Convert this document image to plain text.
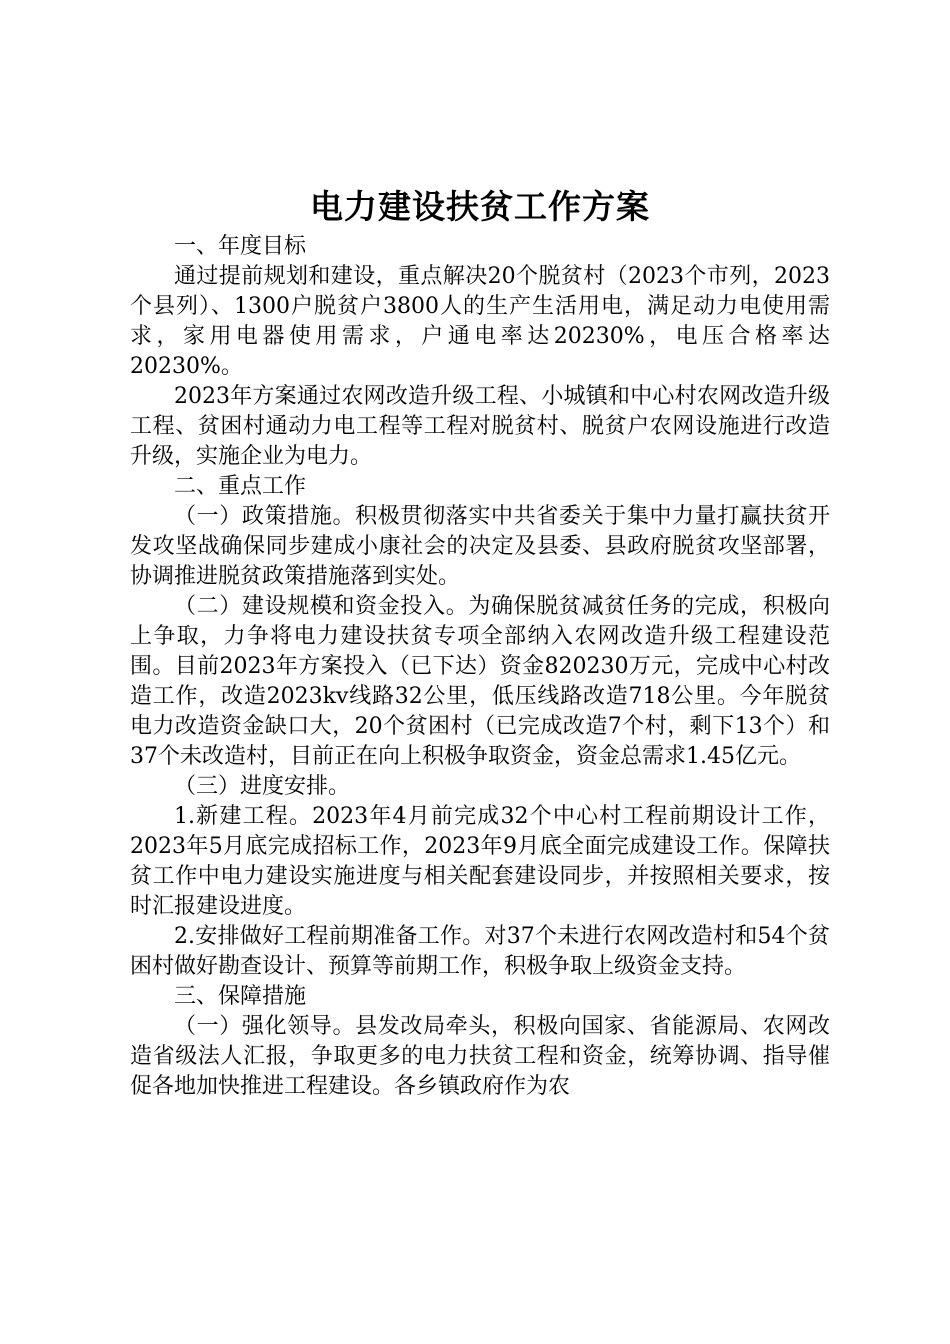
电力建设扶贫工作方案

一、年度目标

通过提前规划和建设，重点解决20个脱贫村（2023个市列，2023个县列）、1300户脱贫户3800人的生产生活用电，满足动力电使用需求，家用电器使用需求，户通电率达20230%，电压合格率达20230%。

2023年方案通过农网改造升级工程、小城镇和中心村农网改造升级工程、贫困村通动力电工程等工程对脱贫村、脱贫户农网设施进行改造升级，实施企业为电力。

二、重点工作

（一）政策措施。积极贯彻落实中共省委关于集中力量打赢扶贫开发攻坚战确保同步建成小康社会的决定及县委、县政府脱贫攻坚部署，协调推进脱贫政策措施落到实处。

（二）建设规模和资金投入。为确保脱贫减贫任务的完成，积极向上争取，力争将电力建设扶贫专项全部纳入农网改造升级工程建设范围。目前2023年方案投入（已下达）资金820230万元，完成中心村改造工作，改造2023kv线路32公里，低压线路改造718公里。今年脱贫电力改造资金缺口大，20个贫困村（已完成改造7个村，剩下13个）和37个未改造村，目前正在向上积极争取资金，资金总需求1.45亿元。

（三）进度安排。

1.新建工程。2023年4月前完成32个中心村工程前期设计工作，2023年5月底完成招标工作，2023年9月底全面完成建设工作。保障扶贫工作中电力建设实施进度与相关配套建设同步，并按照相关要求，按时汇报建设进度。

2.安排做好工程前期准备工作。对37个未进行农网改造村和54个贫困村做好勘查设计、预算等前期工作，积极争取上级资金支持。

三、保障措施

（一）强化领导。县发改局牵头，积极向国家、省能源局、农网改造省级法人汇报，争取更多的电力扶贫工程和资金，统筹协调、指导催促各地加快推进工程建设。各乡镇政府作为农
